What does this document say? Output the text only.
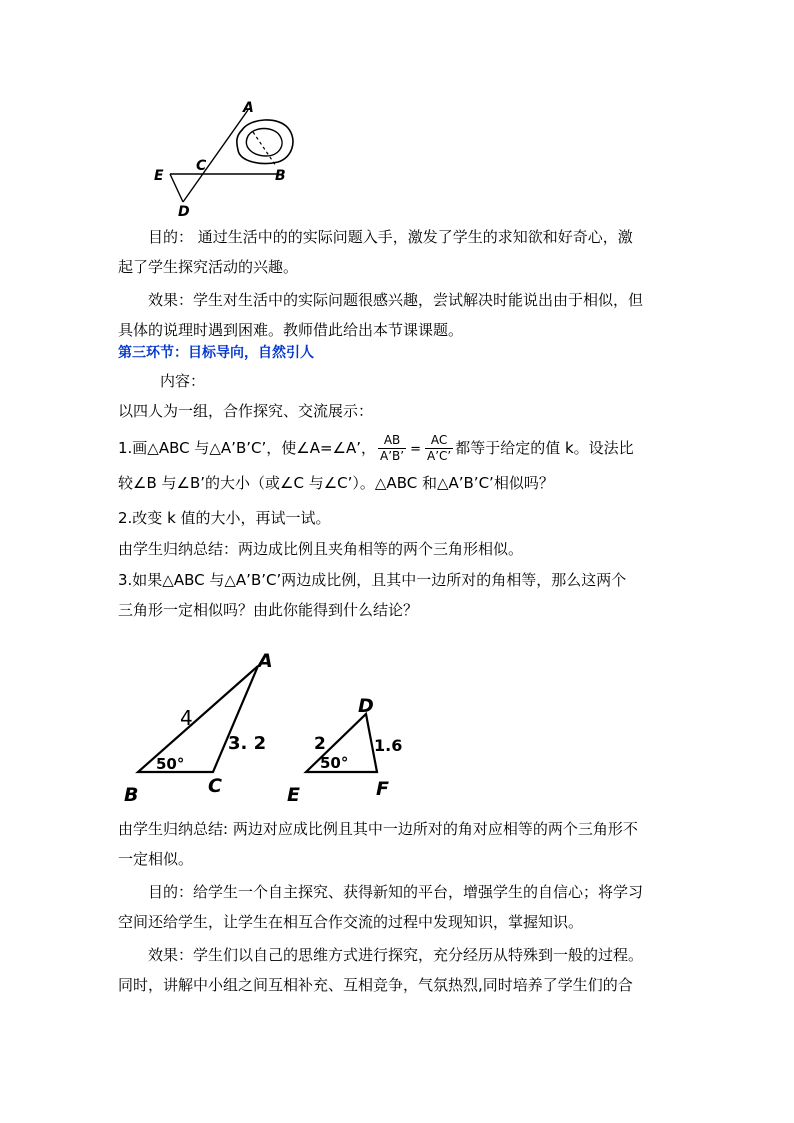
A
C
E	B
D
目的： 通过生活中的的实际问题入手，激发了学生的求知欲和好奇心，激
起了学生探究活动的兴趣。
效果：学生对生活中的实际问题很感兴趣，尝试解决时能说出由于相似，但
具体的说理时遇到困难。教师借此给出本节课课题。
第三环节：目标导向，自然引人
内容：
以四人为一组，合作探究、交流展示：
1.画△ABC 与△A’B’C’，使∠A=∠A’， $\frac{AB}{A’B’} = \frac{AC}{A’C’}$ 都等于给定的值 k。设法比
较∠B 与∠B’的大小（或∠C 与∠C’）。△ABC 和△A’B’C’相似吗？
2.改变 k 值的大小，再试一试。
由学生归纳总结：两边成比例且夹角相等的两个三角形相似。
3.如果△ABC 与△A’B’C’两边成比例，且其中一边所对的角相等，那么这两个
三角形一定相似吗？由此你能得到什么结论？
A
B	C
4
3. 2
50°
D
E	F
2	1.6
50°
由学生归纳总结: 两边对应成比例且其中一边所对的角对应相等的两个三角形不
一定相似。
目的：给学生一个自主探究、获得新知的平台，增强学生的自信心；将学习
空间还给学生，让学生在相互合作交流的过程中发现知识，掌握知识。
效果：学生们以自己的思维方式进行探究，充分经历从特殊到一般的过程。
同时，讲解中小组之间互相补充、互相竞争，气氛热烈,同时培养了学生们的合
